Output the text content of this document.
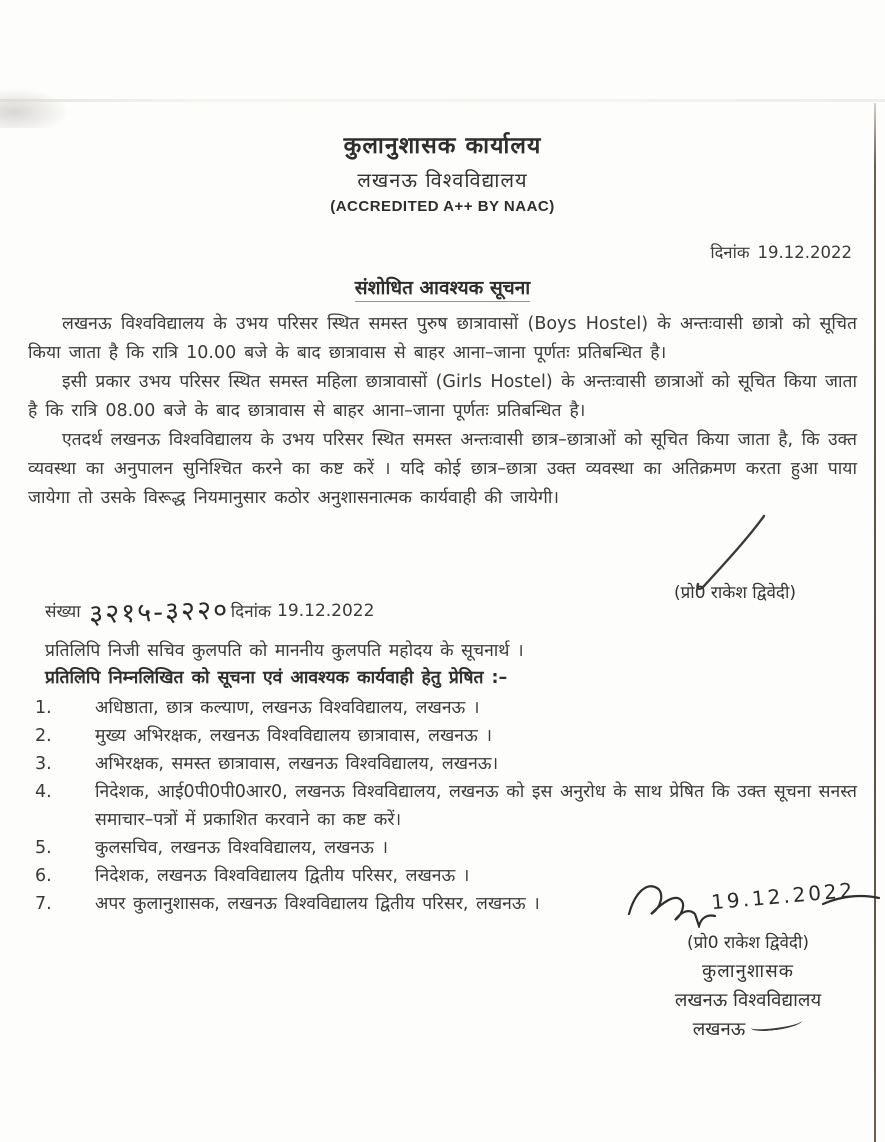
कुलानुशासक कार्यालय
लखनऊ विश्वविद्यालय
(ACCREDITED A++ BY NAAC)
दिनांक 19.12.2022
संशोधित आवश्यक सूचना

लखनऊ विश्वविद्यालय के उभय परिसर स्थित समस्त पुरुष छात्रावासों (Boys Hostel) के अन्तःवासी छात्रो को सूचित किया जाता है कि रात्रि 10.00 बजे के बाद छात्रावास से बाहर आना–जाना पूर्णतः प्रतिबन्धित है।

इसी प्रकार उभय परिसर स्थित समस्त महिला छात्रावासों (Girls Hostel) के अन्तःवासी छात्राओं को सूचित किया जाता है कि रात्रि 08.00 बजे के बाद छात्रावास से बाहर आना–जाना पूर्णतः प्रतिबन्धित है।

एतदर्थ लखनऊ विश्वविद्यालय के उभय परिसर स्थित समस्त अन्तःवासी छात्र–छात्राओं को सूचित किया जाता है, कि उक्त व्यवस्था का अनुपालन सुनिश्चित करने का कष्ट करें । यदि कोई छात्र–छात्रा उक्त व्यवस्था का अतिक्रमण करता हुआ पाया जायेगा तो उसके विरूद्ध नियमानुसार कठोर अनुशासनात्मक कार्यवाही की जायेगी।

(प्रो0 राकेश द्विवेदी)
संख्या ३२१५-३२२०दिनांक 19.12.2022
प्रतिलिपि निजी सचिव कुलपति को माननीय कुलपति महोदय के सूचनार्थ ।
प्रतिलिपि निम्नलिखित को सूचना एवं आवश्यक कार्यवाही हेतु प्रेषित :–
1.	अधिष्ठाता, छात्र कल्याण, लखनऊ विश्वविद्यालय, लखनऊ ।
2.	मुख्य अभिरक्षक, लखनऊ विश्वविद्यालय छात्रावास, लखनऊ ।
3.	अभिरक्षक, समस्त छात्रावास, लखनऊ विश्वविद्यालय, लखनऊ।
4.	निदेशक, आई0पी0पी0आर0, लखनऊ विश्वविद्यालय, लखनऊ को इस अनुरोध के साथ प्रेषित कि उक्त सूचना सनस्त समाचार–पत्रों में प्रकाशित करवाने का कष्ट करें।
5.	कुलसचिव, लखनऊ विश्वविद्यालय, लखनऊ ।
6.	निदेशक, लखनऊ विश्वविद्यालय द्वितीय परिसर, लखनऊ ।
7.	अपर कुलानुशासक, लखनऊ विश्वविद्यालय द्वितीय परिसर, लखनऊ ।	19.12.2022
(प्रो0 राकेश द्विवेदी)
कुलानुशासक
लखनऊ विश्वविद्यालय
लखनऊ
